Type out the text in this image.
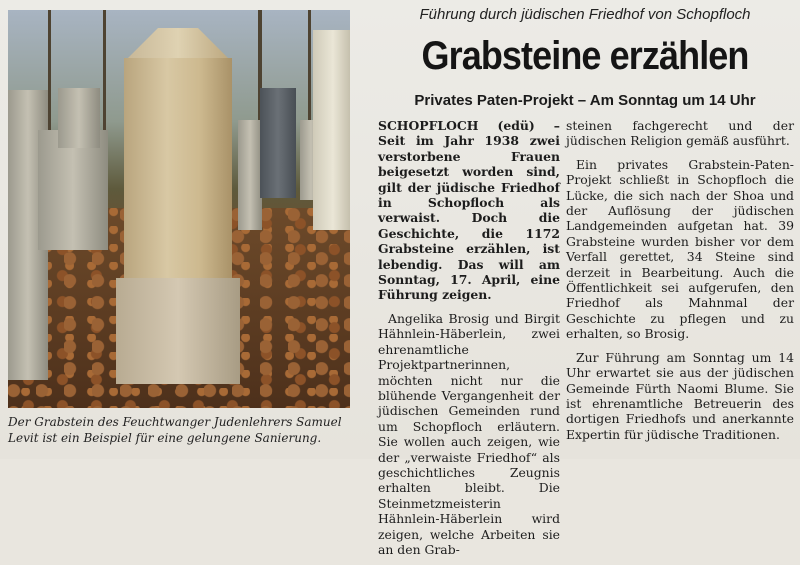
Der Grabstein des Feuchtwanger Judenlehrers Samuel Levit ist ein Beispiel für eine gelungene Sanierung.
Führung durch jüdischen Friedhof von Schopfloch
Grabsteine erzählen
Privates Paten-Projekt – Am Sonntag um 14 Uhr

SCHOPFLOCH (edü) – Seit im Jahr 1938 zwei verstorbene Frauen beigesetzt worden sind, gilt der jüdische Friedhof in Schopfloch als verwaist. Doch die Geschichte, die 1172 Grabsteine erzählen, ist lebendig. Das will am Sonntag, 17. April, eine Führung zeigen.

Angelika Brosig und Birgit Hähnlein-Häberlein, zwei ehrenamtliche Projektpartnerinnen, möchten nicht nur die blühende Vergangenheit der jüdischen Gemeinden rund um Schopfloch erläutern. Sie wollen auch zeigen, wie der „verwaiste Friedhof“ als geschichtliches Zeugnis erhalten bleibt. Die Steinmetzmeisterin Hähnlein-Häberlein wird zeigen, welche Arbeiten sie an den Grab-

steinen fachgerecht und der jüdischen Religion gemäß ausführt.

Ein privates Grabstein-Paten-Projekt schließt in Schopfloch die Lücke, die sich nach der Shoa und der Auflösung der jüdischen Landgemeinden aufgetan hat. 39 Grabsteine wurden bisher vor dem Verfall gerettet, 34 Steine sind derzeit in Bearbeitung. Auch die Öffentlichkeit sei aufgerufen, den Friedhof als Mahnmal der Geschichte zu pflegen und zu erhalten, so Brosig.

Zur Führung am Sonntag um 14 Uhr erwartet sie aus der jüdischen Gemeinde Fürth Naomi Blume. Sie ist ehrenamtliche Betreuerin des dortigen Friedhofs und anerkannte Expertin für jüdische Traditionen.
